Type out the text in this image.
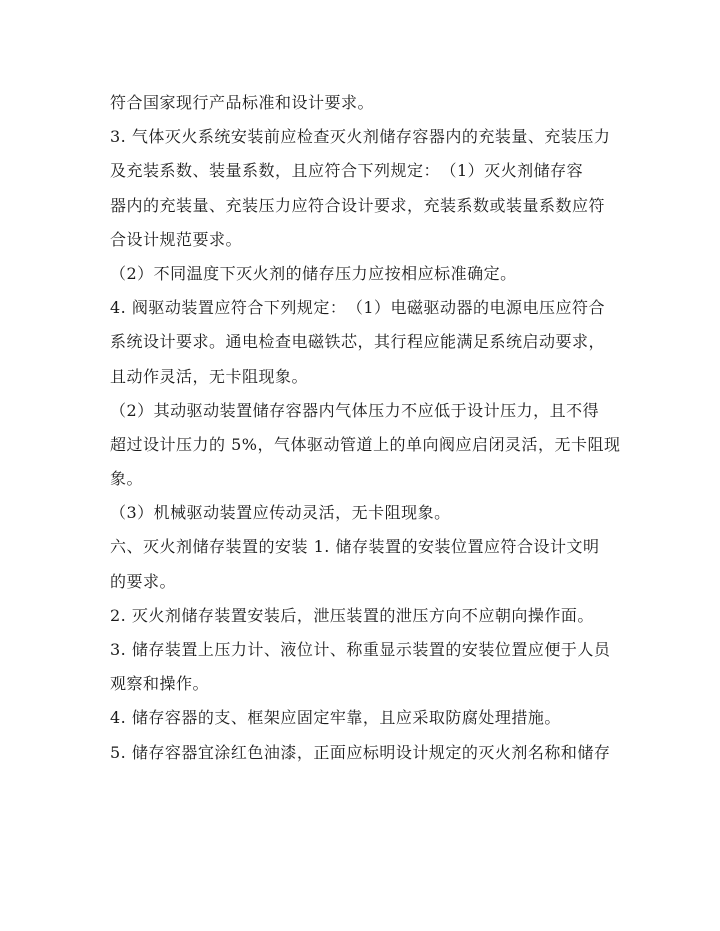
符合国家现行产品标准和设计要求。
3. 气体灭火系统安装前应检查灭火剂储存容器内的充装量、充装压力
及充装系数、装量系数，且应符合下列规定：　（1）灭火剂储存容
器内的充装量、充装压力应符合设计要求，充装系数或装量系数应符
合设计规范要求。
（2）不同温度下灭火剂的储存压力应按相应标准确定。
4. 阀驱动装置应符合下列规定：　（1）电磁驱动器的电源电压应符合
系统设计要求。通电检查电磁铁芯，其行程应能满足系统启动要求，
且动作灵活，无卡阻现象。
（2）其动驱动装置储存容器内气体压力不应低于设计压力，且不得
超过设计压力的 5%，气体驱动管道上的单向阀应启闭灵活，无卡阻现
象。
（3）机械驱动装置应传动灵活，无卡阻现象。
六、灭火剂储存装置的安装 1. 储存装置的安装位置应符合设计文明
的要求。
2. 灭火剂储存装置安装后，泄压装置的泄压方向不应朝向操作面。
3. 储存装置上压力计、液位计、称重显示装置的安装位置应便于人员
观察和操作。
4. 储存容器的支、框架应固定牢靠，且应采取防腐处理措施。
5. 储存容器宜涂红色油漆，正面应标明设计规定的灭火剂名称和储存
